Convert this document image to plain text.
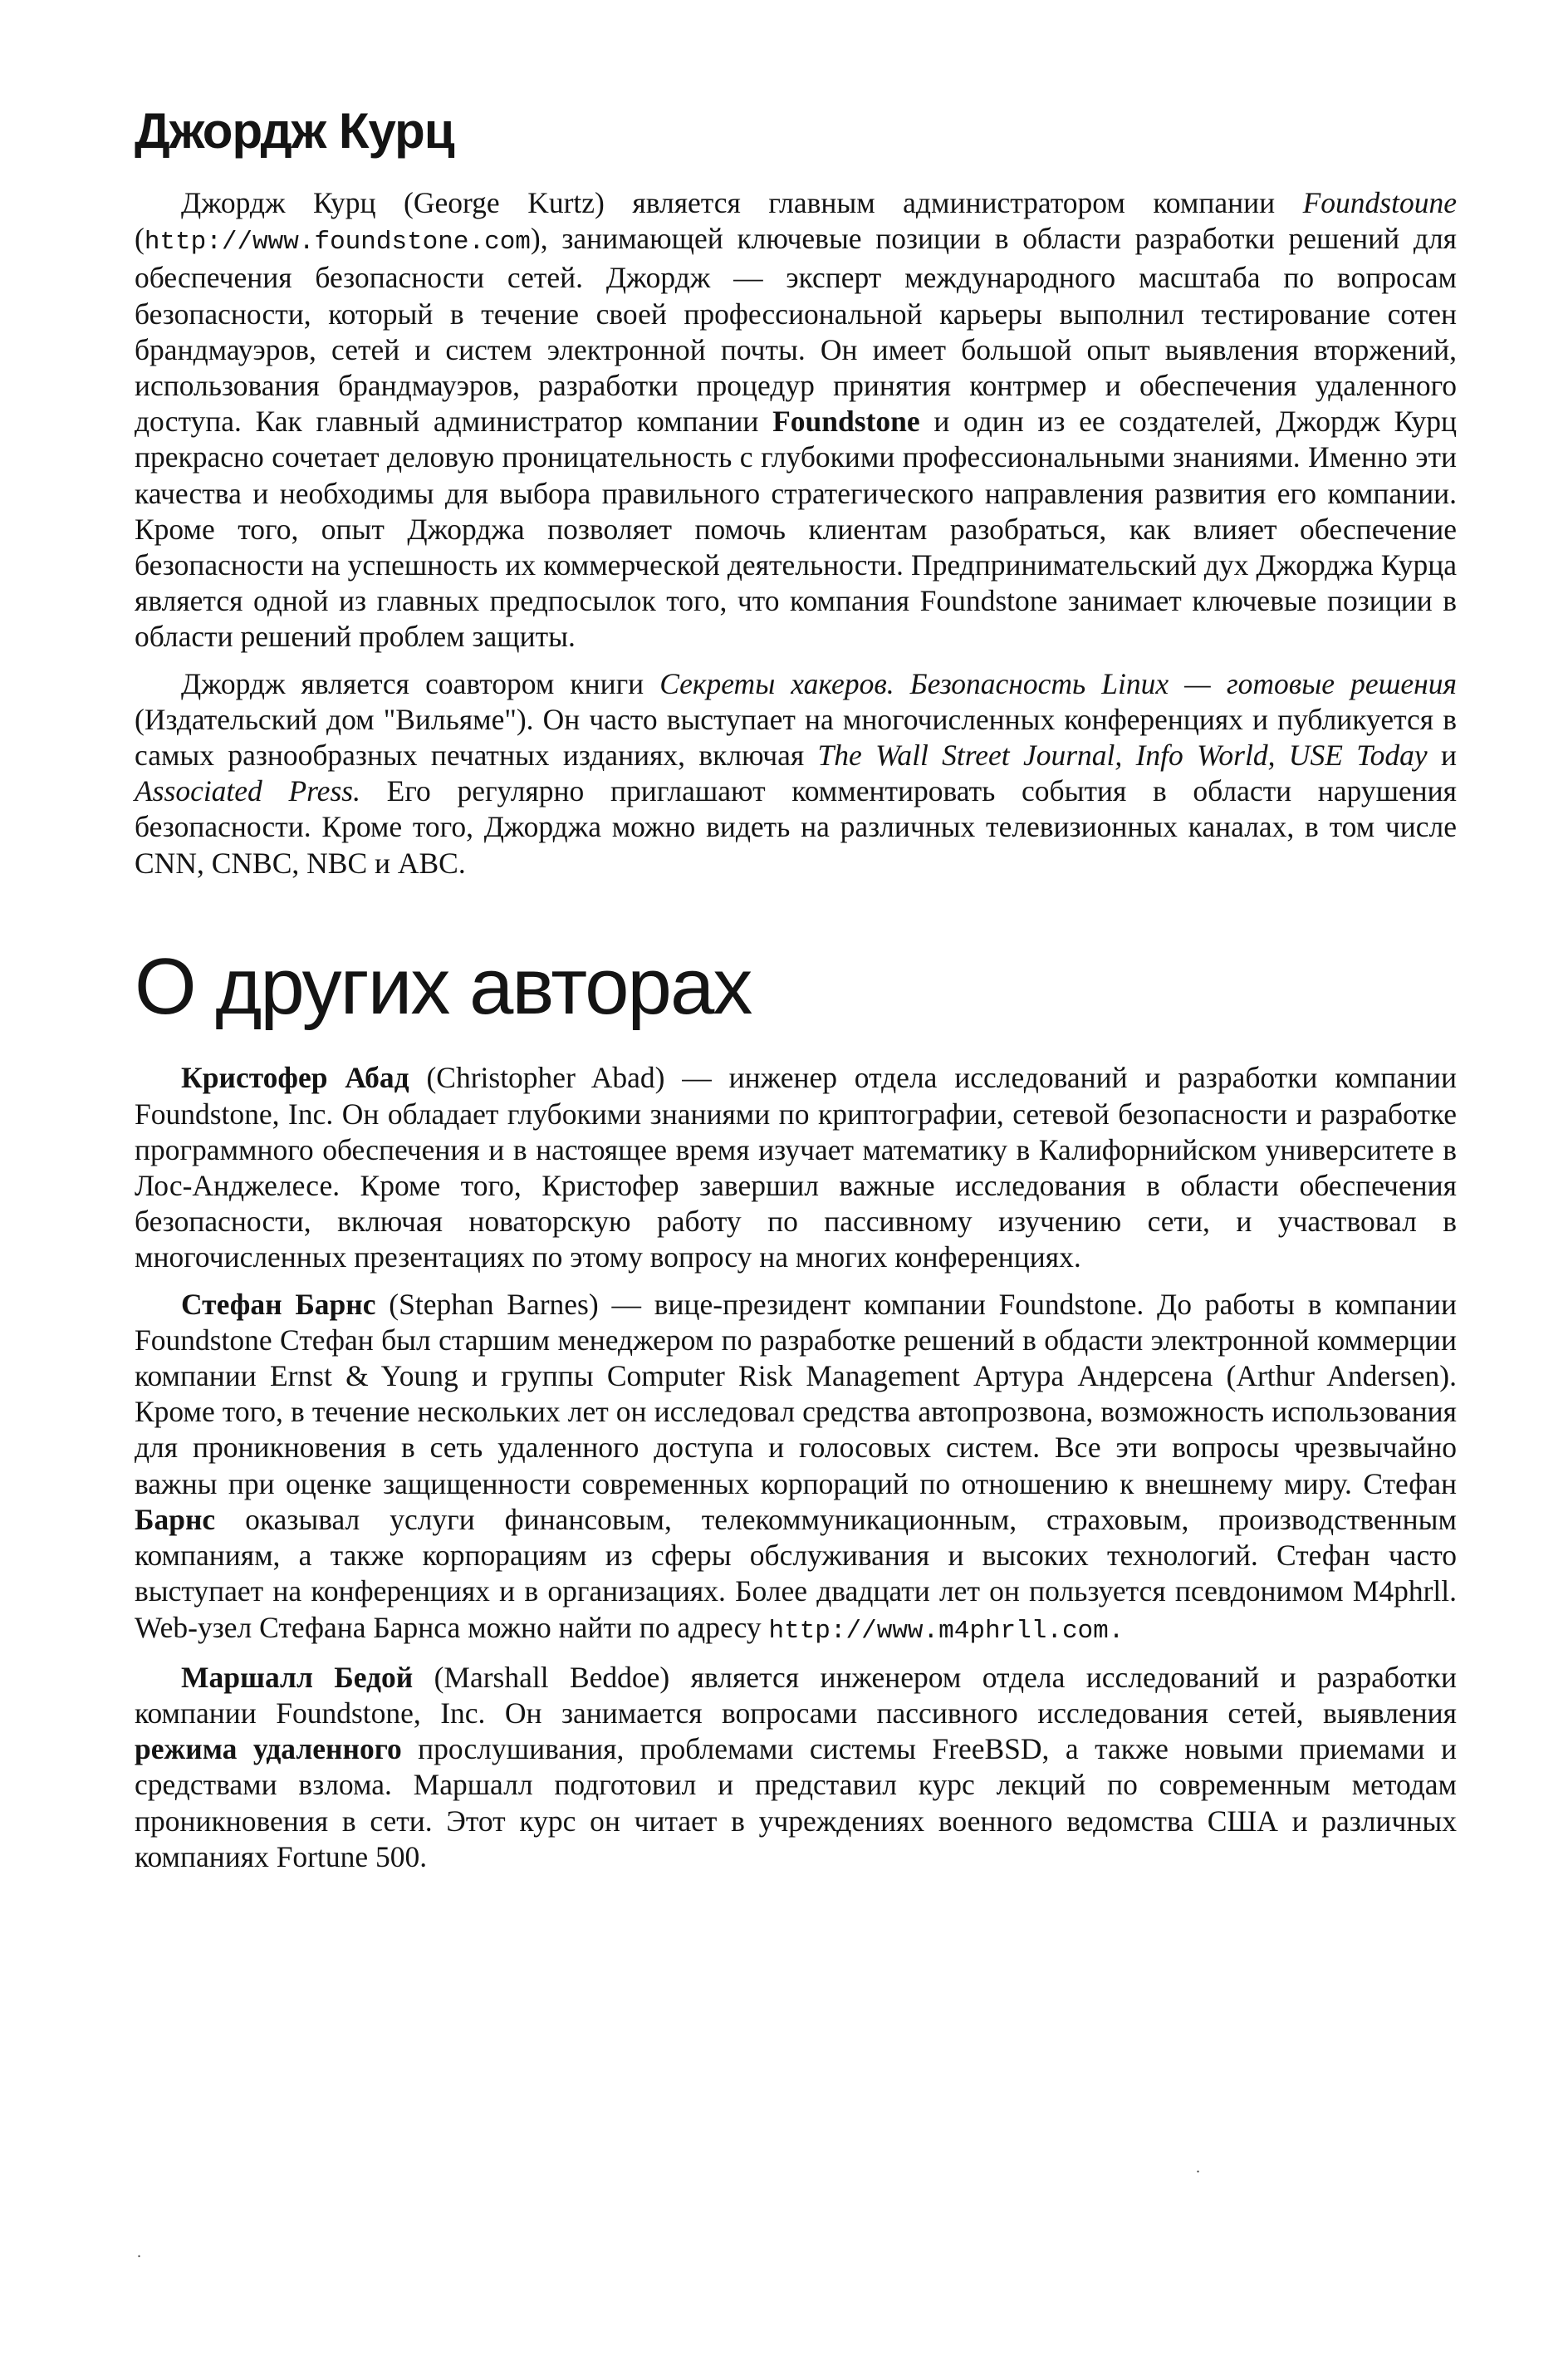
Джордж Курц

Джордж Курц (George Kurtz) является главным администратором компании Foundstoune (http://www.foundstone.com), занимающей ключевые позиции в области разработки решений для обеспечения безопасности сетей. Джордж — эксперт международного масштаба по вопросам безопасности, который в течение своей профессиональной карьеры выполнил тестирование сотен брандмауэров, сетей и систем электронной почты. Он имеет большой опыт выявления вторжений, использования брандмауэров, разработки процедур принятия контрмер и обеспечения удаленного доступа. Как главный администратор компании Foundstone и один из ее создателей, Джордж Курц прекрасно сочетает деловую проницательность с глубокими профессиональными знаниями. Именно эти качества и необходимы для выбора правильного стратегического направления развития его компании. Кроме того, опыт Джорджа позволяет помочь клиентам разобраться, как влияет обеспечение безопасности на успешность их коммерческой деятельности. Предпринимательский дух Джорджа Курца является одной из главных предпосылок того, что компания Foundstone занимает ключевые позиции в области решений проблем защиты.

Джордж является соавтором книги Секреты хакеров. Безопасность Linux — готовые решения (Издательский дом "Вильяме"). Он часто выступает на многочисленных конференциях и публикуется в самых разнообразных печатных изданиях, включая The Wall Street Journal, Info World, USE Today и Associated Press. Его регулярно приглашают комментировать события в области нарушения безопасности. Кроме того, Джорджа можно видеть на различных телевизионных каналах, в том числе CNN, CNBC, NBC и ABC.

О других авторах

Кристофер Абад (Christopher Abad) — инженер отдела исследований и разработки компании Foundstone, Inc. Он обладает глубокими знаниями по криптографии, сетевой безопасности и разработке программного обеспечения и в настоящее время изучает математику в Калифорнийском университете в Лос-Анджелесе. Кроме того, Кристофер завершил важные исследования в области обеспечения безопасности, включая новаторскую работу по пассивному изучению сети, и участвовал в многочисленных презентациях по этому вопросу на многих конференциях.

Стефан Барнс (Stephan Barnes) — вице-президент компании Foundstone. До работы в компании Foundstone Стефан был старшим менеджером по разработке решений в обдасти электронной коммерции компании Ernst & Young и группы Computer Risk Management Артура Андерсена (Arthur Andersen). Кроме того, в течение нескольких лет он исследовал средства автопрозвона, возможность использования для проникновения в сеть удаленного доступа и голосовых систем. Все эти вопросы чрезвычайно важны при оценке защищенности современных корпораций по отношению к внешнему миру. Стефан Барнс оказывал услуги финансовым, телекоммуникационным, страховым, производственным компаниям, а также корпорациям из сферы обслуживания и высоких технологий. Стефан часто выступает на конференциях и в организациях. Более двадцати лет он пользуется псевдонимом M4phrll. Web-узел Стефана Барнса можно найти по адресу http://www.m4phrll.com.

Маршалл Бедой (Marshall Beddoe) является инженером отдела исследований и разработки компании Foundstone, Inc. Он занимается вопросами пассивного исследования сетей, выявления режима удаленного прослушивания, проблемами системы FreeBSD, а также новыми приемами и средствами взлома. Маршалл подготовил и представил курс лекций по современным методам проникновения в сети. Этот курс он читает в учреждениях военного ведомства США и различных компаниях Fortune 500.

.
.
